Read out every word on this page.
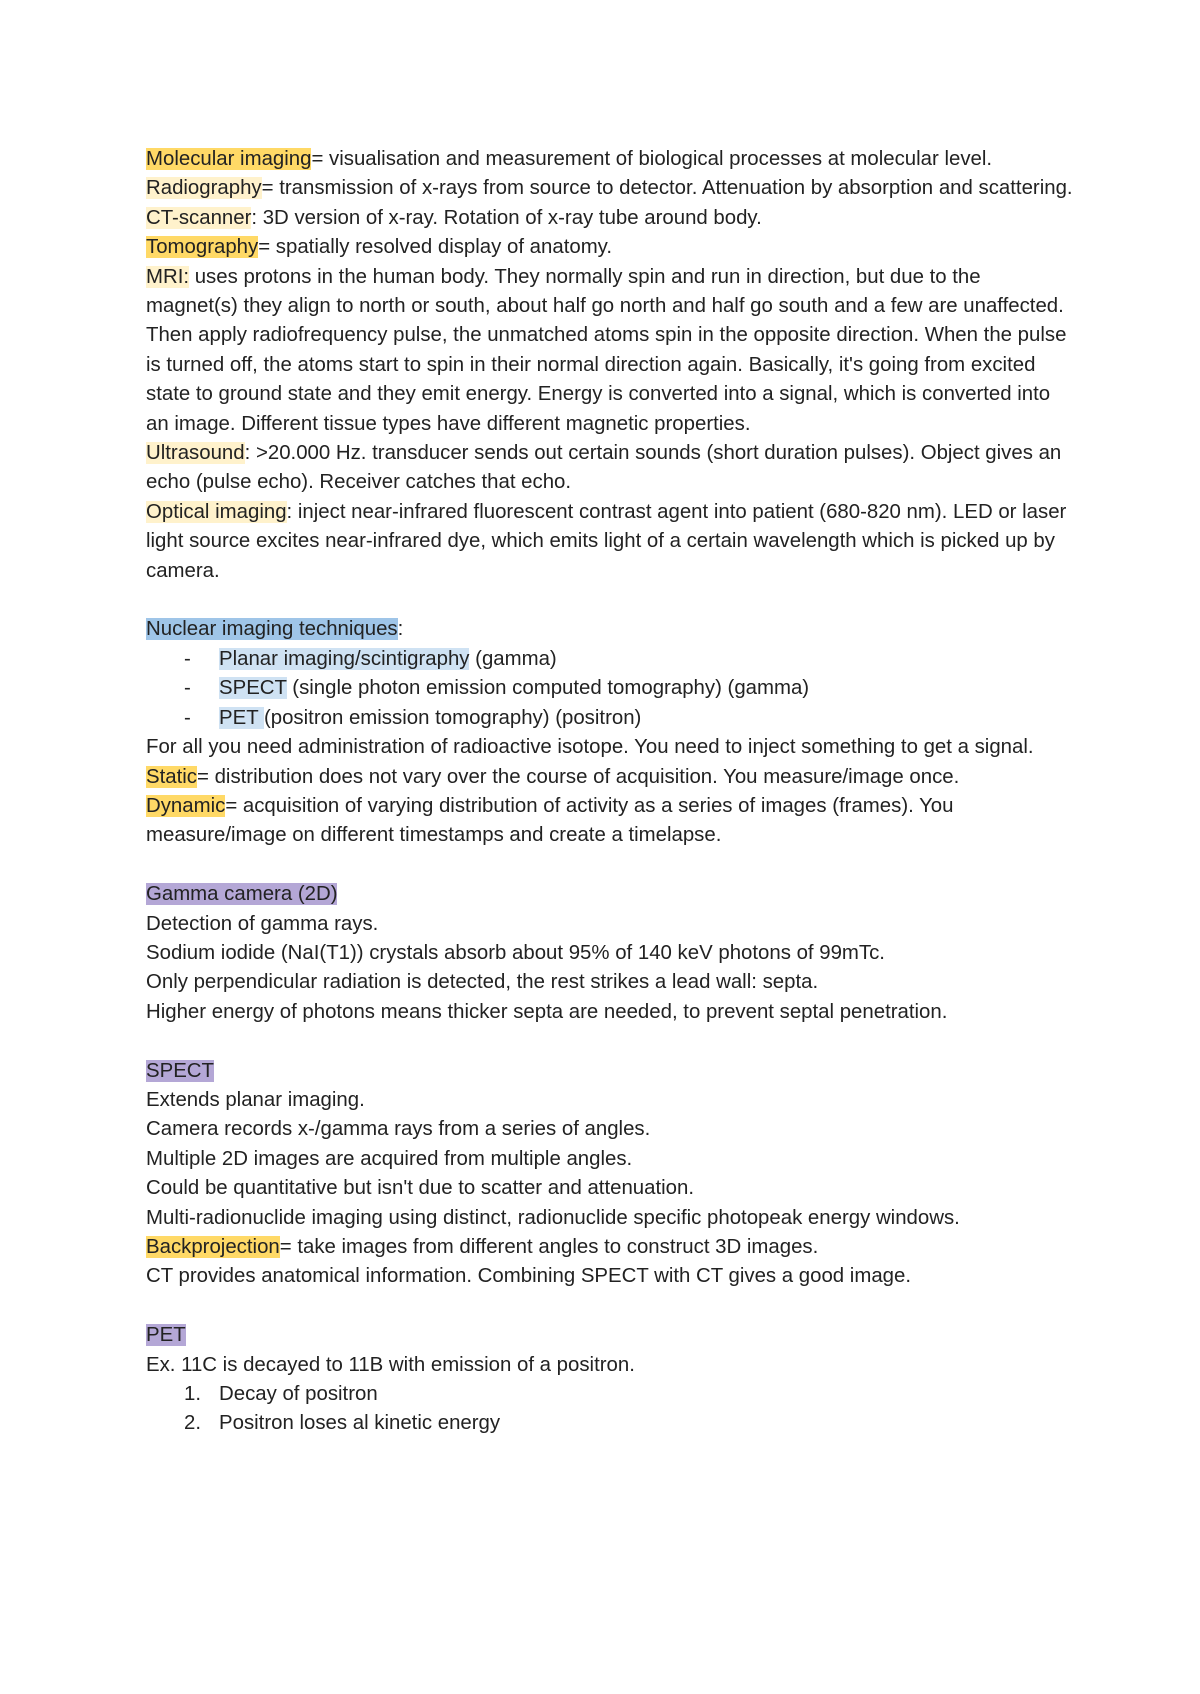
Molecular imaging= visualisation and measurement of biological processes at molecular level.
Radiography= transmission of x-rays from source to detector. Attenuation by absorption and scattering.
CT-scanner: 3D version of x-ray. Rotation of x-ray tube around body.
Tomography= spatially resolved display of anatomy.
MRI: uses protons in the human body. They normally spin and run in direction, but due to the magnet(s) they align to north or south, about half go north and half go south and a few are unaffected. Then apply radiofrequency pulse, the unmatched atoms spin in the opposite direction. When the pulse is turned off, the atoms start to spin in their normal direction again. Basically, it's going from excited state to ground state and they emit energy. Energy is converted into a signal, which is converted into an image. Different tissue types have different magnetic properties.
Ultrasound: >20.000 Hz. transducer sends out certain sounds (short duration pulses). Object gives an echo (pulse echo). Receiver catches that echo.
Optical imaging: inject near-infrared fluorescent contrast agent into patient (680-820 nm). LED or laser light source excites near-infrared dye, which emits light of a certain wavelength which is picked up by camera.
Nuclear imaging techniques:
- Planar imaging/scintigraphy (gamma)
- SPECT (single photon emission computed tomography) (gamma)
- PET (positron emission tomography) (positron)
For all you need administration of radioactive isotope. You need to inject something to get a signal.
Static= distribution does not vary over the course of acquisition. You measure/image once.
Dynamic= acquisition of varying distribution of activity as a series of images (frames). You measure/image on different timestamps and create a timelapse.
Gamma camera (2D)
Detection of gamma rays.
Sodium iodide (NaI(T1)) crystals absorb about 95% of 140 keV photons of 99mTc.
Only perpendicular radiation is detected, the rest strikes a lead wall: septa.
Higher energy of photons means thicker septa are needed, to prevent septal penetration.
SPECT
Extends planar imaging.
Camera records x-/gamma rays from a series of angles.
Multiple 2D images are acquired from multiple angles.
Could be quantitative but isn't due to scatter and attenuation.
Multi-radionuclide imaging using distinct, radionuclide specific photopeak energy windows.
Backprojection= take images from different angles to construct 3D images.
CT provides anatomical information. Combining SPECT with CT gives a good image.
PET
Ex. 11C is decayed to 11B with emission of a positron.
1. Decay of positron
2. Positron loses al kinetic energy
